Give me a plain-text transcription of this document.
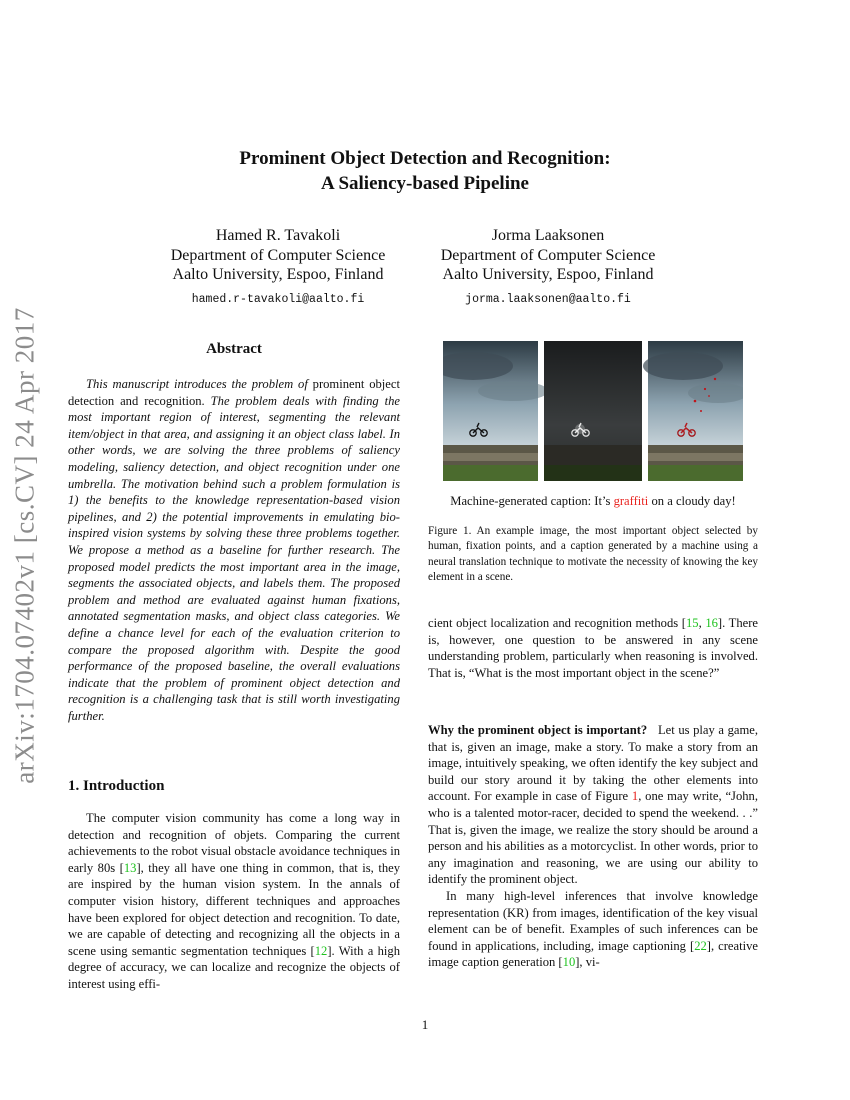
arXiv:1704.07402v1 [cs.CV] 24 Apr 2017
Prominent Object Detection and Recognition:
A Saliency-based Pipeline
Hamed R. Tavakoli
Department of Computer Science
Aalto University, Espoo, Finland
hamed.r-tavakoli@aalto.fi
Jorma Laaksonen
Department of Computer Science
Aalto University, Espoo, Finland
jorma.laaksonen@aalto.fi
Abstract

This manuscript introduces the problem of prominent object detection and recognition. The problem deals with finding the most important region of interest, segmenting the relevant item/object in that area, and assigning it an object class label. In other words, we are solving the three problems of saliency modeling, saliency detection, and object recognition under one umbrella. The motivation behind such a problem formulation is 1) the benefits to the knowledge representation-based vision pipelines, and 2) the potential improvements in emulating bio-inspired vision systems by solving these three problems together. We propose a method as a baseline for further research. The proposed model predicts the most important area in the image, segments the associated objects, and labels them. The proposed problem and method are evaluated against human fixations, annotated segmentation masks, and object class categories. We define a chance level for each of the evaluation criterion to compare the proposed algorithm with. Despite the good performance of the proposed baseline, the overall evaluations indicate that the problem of prominent object detection and recognition is a challenging task that is still worth investigating further.

1. Introduction

The computer vision community has come a long way in detection and recognition of objets. Comparing the current achievements to the robot visual obstacle avoidance techniques in early 80s [13], they all have one thing in common, that is, they are inspired by the human vision system. In the annals of computer vision history, different techniques and approaches have been explored for object detection and recognition. To date, we are capable of detecting and recognizing all the objects in a scene using semantic segmentation techniques [12]. With a high degree of accuracy, we can localize and recognize the objects of interest using effi-

Machine-generated caption: It’s graffiti on a cloudy day!
Figure 1. An example image, the most important object selected by human, fixation points, and a caption generated by a machine using a neural translation technique to motivate the necessity of knowing the key element in a scene.

cient object localization and recognition methods [15, 16]. There is, however, one question to be answered in any scene understanding problem, particularly when reasoning is involved. That is, “What is the most important object in the scene?”

Why the prominent object is important? Let us play a game, that is, given an image, make a story. To make a story from an image, intuitively speaking, we often identify the key subject and build our story around it by taking the other elements into account. For example in case of Figure 1, one may write, “John, who is a talented motor-racer, decided to spend the weekend. . .” That is, given the image, we realize the story should be around a person and his abilities as a motorcyclist. In other words, prior to any imagination and reasoning, we are using our ability to identify the prominent object.

In many high-level inferences that involve knowledge representation (KR) from images, identification of the key visual element can be of benefit. Examples of such inferences can be found in applications, including, image captioning [22], creative image caption generation [10], vi-

1
